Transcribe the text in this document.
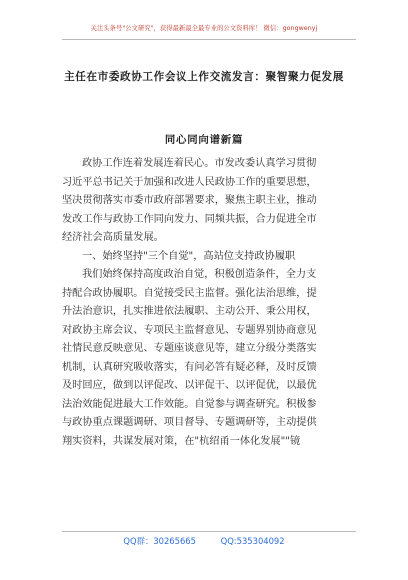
关注头条号"公文研究"，获得最新最全最专业的公文资料库！ 微信：gongwenyj
主任在市委政协工作会议上作交流发言：聚智聚力促发展
同心同向谱新篇
政协工作连着发展连着民心。市发改委认真学习贯彻
习近平总书记关于加强和改进人民政协工作的重要思想，
坚决贯彻落实市委市政府部署要求，聚焦主职主业，推动
发改工作与政协工作同向发力、同频共振，合力促进全市
经济社会高质量发展。
一、始终坚持"三个自觉"，高站位支持政协履职
我们始终保持高度政治自觉，积极创造条件，全力支
持配合政协履职。自觉接受民主监督。强化法治思维，提
升法治意识，扎实推进依法履职、主动公开、秉公用权，
对政协主席会议、专项民主监督意见、专题界别协商意见
社情民意反映意见、专题座谈意见等，建立分级分类落实
机制，认真研究吸收落实，有问必答有疑必释，及时反馈
及时回应，做到以评促改、以评促干、以评促优，以最优
法治效能促进最大工作效能。自觉参与调查研究。积极参
与政协重点课题调研、项目督导、专题调研等，主动提供
翔实资料，共谋发展对策，在"杭绍甬一体化发展""镜
QQ群：30265665	QQ:535304092
